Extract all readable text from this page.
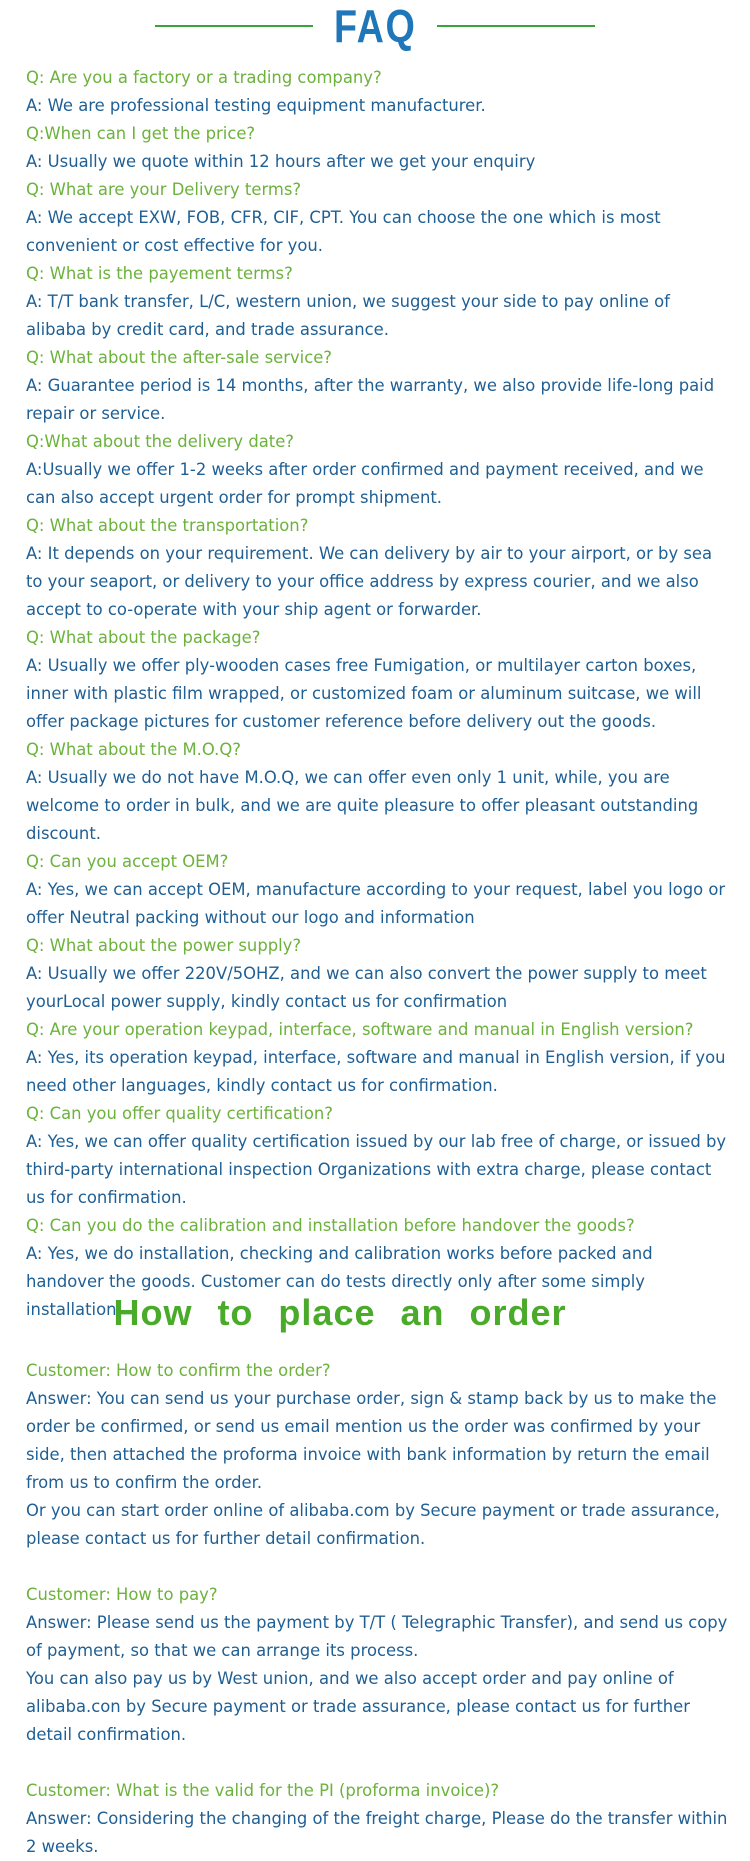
FAQ

Q: Are you a factory or a trading company?

A: We are professional testing equipment manufacturer.

Q:When can I get the price?

A: Usually we quote within 12 hours after we get your enquiry

Q: What are your Delivery terms?

A: We accept EXW, FOB, CFR, CIF, CPT. You can choose the one which is most convenient or cost effective for you.

Q: What is the payement terms?

A: T/T bank transfer, L/C, western union, we suggest your side to pay online of alibaba by credit card, and trade assurance.

Q: What about the after-sale service?

A: Guarantee period is 14 months, after the warranty, we also provide life-long paid repair or service.

Q:What about the delivery date?

A:Usually we offer 1-2 weeks after order confirmed and payment received, and we can also accept urgent order for prompt shipment.

Q: What about the transportation?

A: It depends on your requirement. We can delivery by air to your airport, or by sea to your seaport, or delivery to your office address by express courier, and we also accept to co-operate with your ship agent or forwarder.

Q: What about the package?

A: Usually we offer ply-wooden cases free Fumigation, or multilayer carton boxes, inner with plastic film wrapped, or customized foam or aluminum suitcase, we will offer package pictures for customer reference before delivery out the goods.

Q: What about the M.O.Q?

A: Usually we do not have M.O.Q, we can offer even only 1 unit, while, you are welcome to order in bulk, and we are quite pleasure to offer pleasant outstanding discount.

Q: Can you accept OEM?

A: Yes, we can accept OEM, manufacture according to your request, label you logo or offer Neutral packing without our logo and information

Q: What about the power supply?

A: Usually we offer 220V/5OHZ, and we can also convert the power supply to meet yourLocal power supply, kindly contact us for confirmation

Q: Are your operation keypad, interface, software and manual in English version?

A: Yes, its operation keypad, interface, software and manual in English version, if you need other languages, kindly contact us for confirmation.

Q: Can you offer quality certification?

A: Yes, we can offer quality certification issued by our lab free of charge, or issued by third-party international inspection Organizations with extra charge, please contact us for confirmation.

Q: Can you do the calibration and installation before handover the goods?

A: Yes, we do installation, checking and calibration works before packed and handover the goods. Customer can do tests directly only after some simply installation.

How to place an order

Customer: How to confirm the order?

Answer: You can send us your purchase order, sign & stamp back by us to make the order be confirmed, or send us email mention us the order was confirmed by your side, then attached the proforma invoice with bank information by return the email from us to confirm the order.

Or you can start order online of alibaba.com by Secure payment or trade assurance, please contact us for further detail confirmation.

Customer: How to pay?

Answer: Please send us the payment by T/T ( Telegraphic Transfer), and send us copy of payment, so that we can arrange its process.

You can also pay us by West union, and we also accept order and pay online of alibaba.con by Secure payment or trade assurance, please contact us for further detail confirmation.

Customer: What is the valid for the PI (proforma invoice)?

Answer: Considering the changing of the freight charge, Please do the transfer within 2 weeks.
